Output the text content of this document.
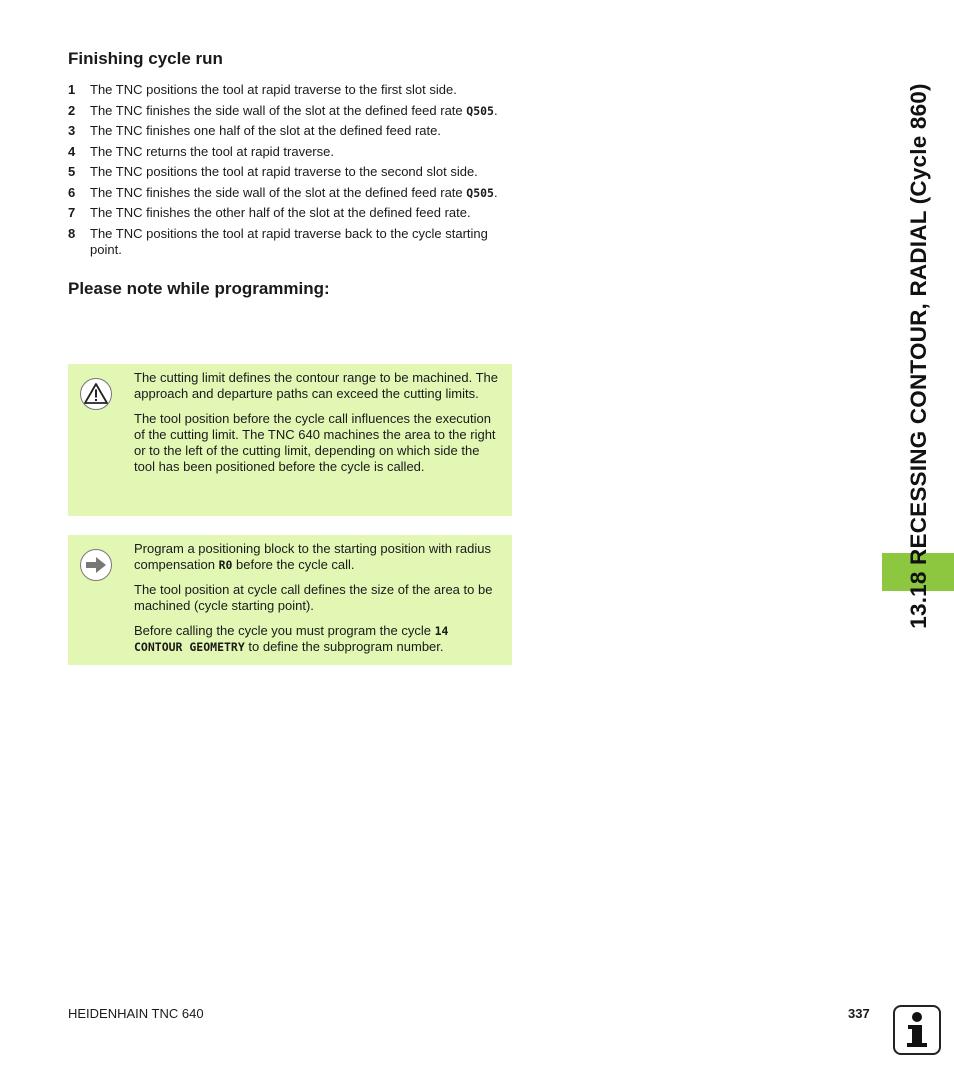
Finishing cycle run
1 The TNC positions the tool at rapid traverse to the first slot side.
2 The TNC finishes the side wall of the slot at the defined feed rate Q505.
3 The TNC finishes one half of the slot at the defined feed rate.
4 The TNC returns the tool at rapid traverse.
5 The TNC positions the tool at rapid traverse to the second slot side.
6 The TNC finishes the side wall of the slot at the defined feed rate Q505.
7 The TNC finishes the other half of the slot at the defined feed rate.
8 The TNC positions the tool at rapid traverse back to the cycle starting point.
Please note while programming:

The cutting limit defines the contour range to be machined. The approach and departure paths can exceed the cutting limits.

The tool position before the cycle call influences the execution of the cutting limit. The TNC 640 machines the area to the right or to the left of the cutting limit, depending on which side the tool has been positioned before the cycle is called.

Program a positioning block to the starting position with radius compensation R0 before the cycle call.

The tool position at cycle call defines the size of the area to be machined (cycle starting point).

Before calling the cycle you must program the cycle 14 CONTOUR GEOMETRY to define the subprogram number.

13.18 RECESSING CONTOUR, RADIAL (Cycle 860)
HEIDENHAIN TNC 640	337
